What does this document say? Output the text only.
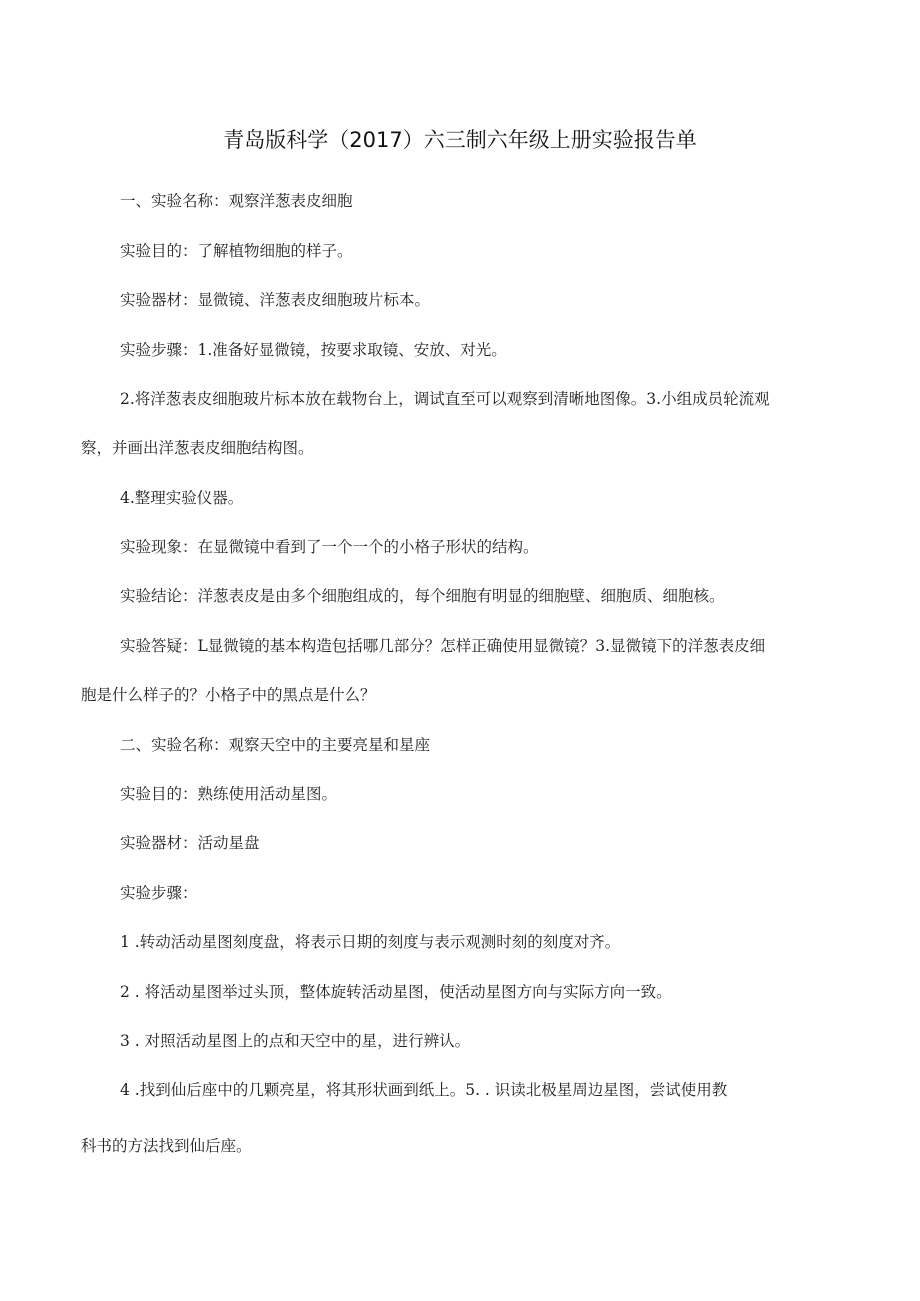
青岛版科学（2017）六三制六年级上册实验报告单
一、实验名称：观察洋葱表皮细胞
实验目的：了解植物细胞的样子。
实验器材：显微镜、洋葱表皮细胞玻片标本。
实验步骤：1.准备好显微镜，按要求取镜、安放、对光。
2.将洋葱表皮细胞玻片标本放在载物台上，调试直至可以观察到清晰地图像。3.小组成员轮流观
察，并画出洋葱表皮细胞结构图。
4.整理实验仪器。
实验现象：在显微镜中看到了一个一个的小格子形状的结构。
实验结论：洋葱表皮是由多个细胞组成的，每个细胞有明显的细胞壁、细胞质、细胞核。
实验答疑：L显微镜的基本构造包括哪几部分？怎样正确使用显微镜？3.显微镜下的洋葱表皮细
胞是什么样子的？小格子中的黑点是什么？
二、实验名称：观察天空中的主要亮星和星座
实验目的：熟练使用活动星图。
实验器材：活动星盘
实验步骤：
1 .转动活动星图刻度盘，将表示日期的刻度与表示观测时刻的刻度对齐。
2 . 将活动星图举过头顶，整体旋转活动星图，使活动星图方向与实际方向一致。
3 . 对照活动星图上的点和天空中的星，进行辨认。
4 .找到仙后座中的几颗亮星，将其形状画到纸上。5. . 识读北极星周边星图，尝试使用教
科书的方法找到仙后座。
